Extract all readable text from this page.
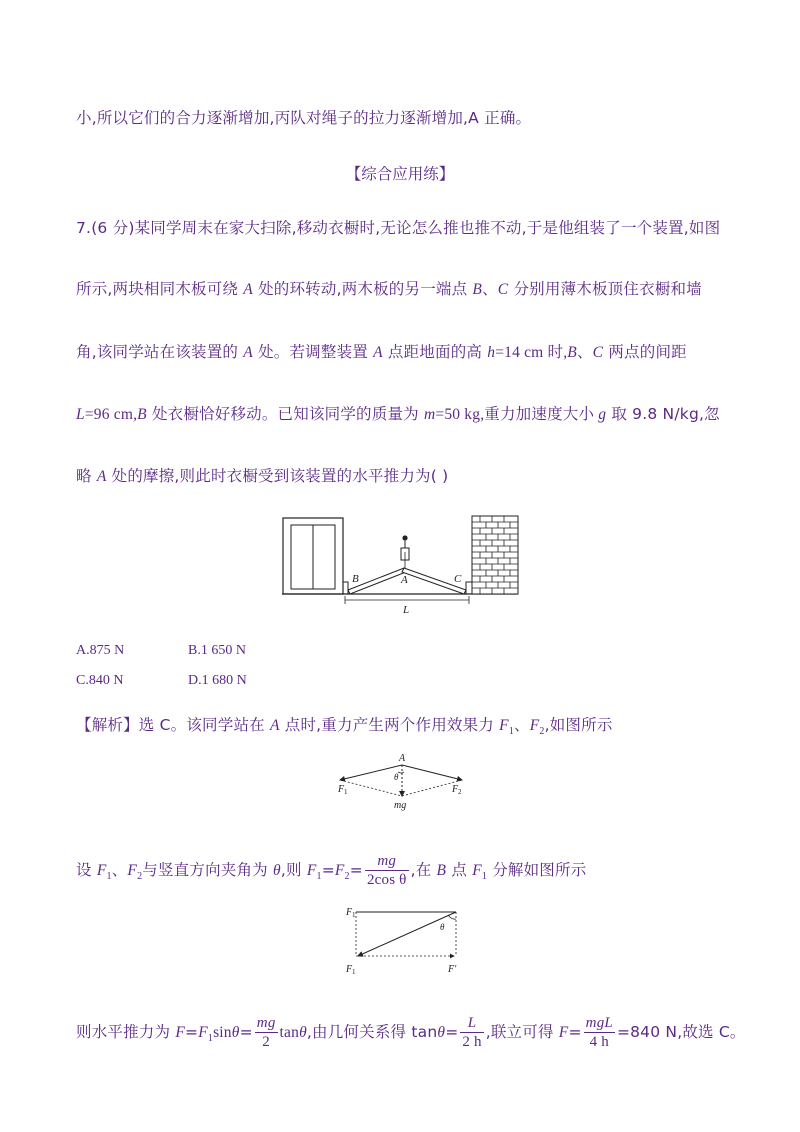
小,所以它们的合力逐渐增加,丙队对绳子的拉力逐渐增加,A 正确。
【综合应用练】
7.(6 分)某同学周末在家大扫除,移动衣橱时,无论怎么推也推不动,于是他组装了一个装置,如图
所示,两块相同木板可绕 A 处的环转动,两木板的另一端点 B、C 分别用薄木板顶住衣橱和墙
角,该同学站在该装置的 A 处。若调整装置 A 点距地面的高 h=14 cm 时,B、C 两点的间距
L=96 cm,B 处衣橱恰好移动。已知该同学的质量为 m=50 kg,重力加速度大小 g 取 9.8 N/kg,忽
略 A 处的摩擦,则此时衣橱受到该装置的水平推力为( )
B	A	C
L
A.875 N	B.1 650 N
C.840 N	D.1 680 N
【解析】选 C。该同学站在 A 点时,重力产生两个作用效果力 $F_1$、$F_2$,如图所示
A
θ
F 1	F 2
mg
设 $F_1$、$F_2$与竖直方向夹角为 θ,则 $F_1=F_2= \frac{mg}{\text{2cos θ}}$ ,在 B 点 $F_1$ 分解如图所示
F 1
θ
F 1	F′
则水平推力为 $F=F_1\sin\theta= \frac{mg}{2} \tan\theta$,由几何关系得 $\tan\theta= \frac{L}{2 h}$ ,联立可得 $F= \frac{\text{mgL}}{4 h} =840$ N,故选 C。
